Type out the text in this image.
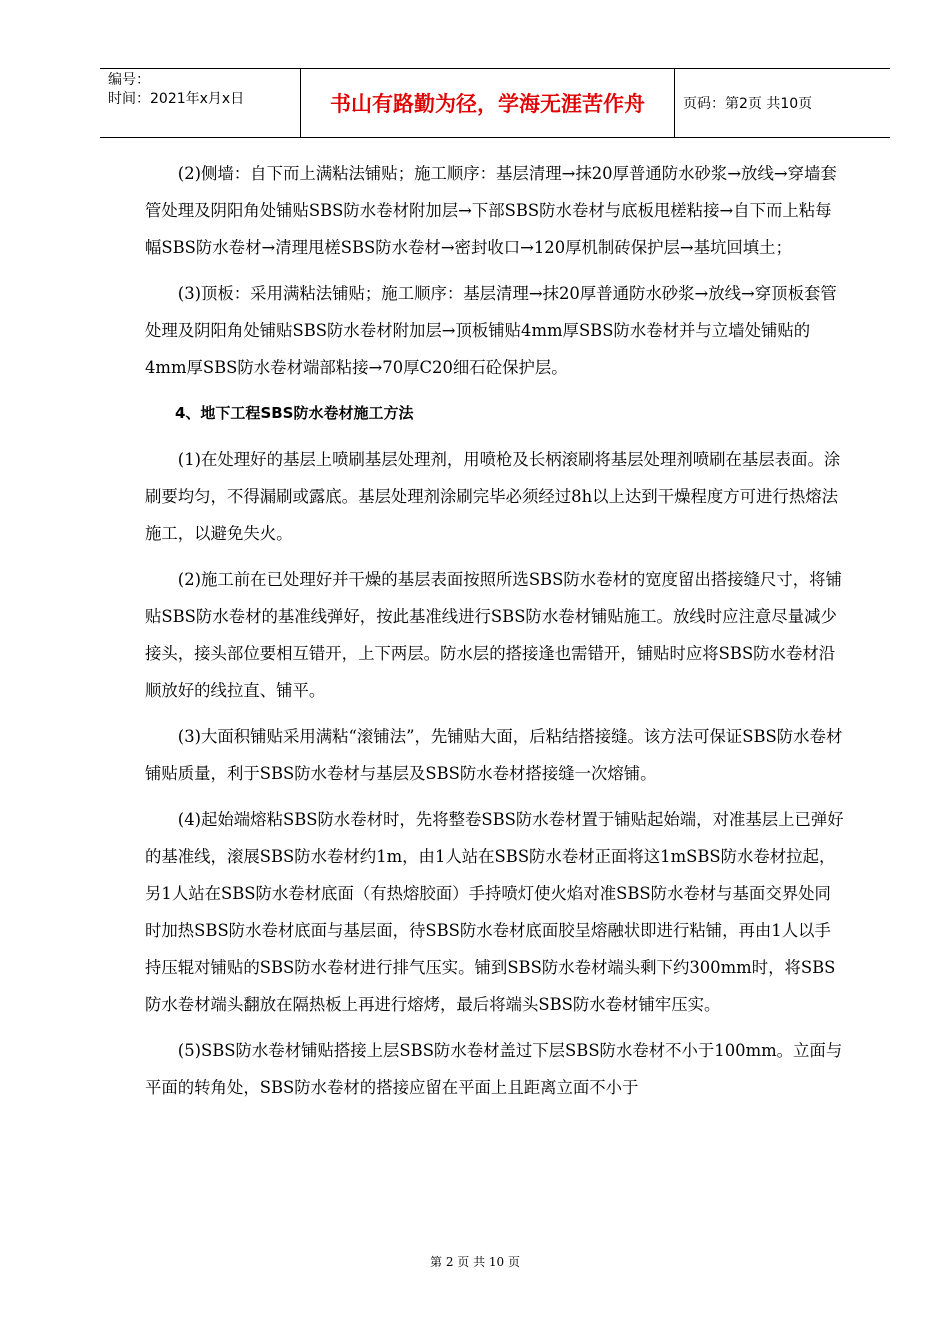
编号：
时间：2021年x月x日	书山有路勤为径，学海无涯苦作舟	页码：第2页 共10页

(2)侧墙：自下而上满粘法铺贴；施工顺序：基层清理→抹20厚普通防水砂浆→放线→穿墙套管处理及阴阳角处铺贴SBS防水卷材附加层→下部SBS防水卷材与底板甩槎粘接→自下而上粘每幅SBS防水卷材→清理甩槎SBS防水卷材→密封收口→120厚机制砖保护层→基坑回填土；

(3)顶板：采用满粘法铺贴；施工顺序：基层清理→抹20厚普通防水砂浆→放线→穿顶板套管处理及阴阳角处铺贴SBS防水卷材附加层→顶板铺贴4mm厚SBS防水卷材并与立墙处铺贴的4mm厚SBS防水卷材端部粘接→70厚C20细石砼保护层。

4、地下工程SBS防水卷材施工方法

(1)在处理好的基层上喷刷基层处理剂，用喷枪及长柄滚刷将基层处理剂喷刷在基层表面。涂刷要均匀，不得漏刷或露底。基层处理剂涂刷完毕必须经过8h以上达到干燥程度方可进行热熔法施工，以避免失火。

(2)施工前在已处理好并干燥的基层表面按照所选SBS防水卷材的宽度留出搭接缝尺寸，将铺贴SBS防水卷材的基准线弹好，按此基准线进行SBS防水卷材铺贴施工。放线时应注意尽量减少接头，接头部位要相互错开，上下两层。防水层的搭接逢也需错开，铺贴时应将SBS防水卷材沿顺放好的线拉直、铺平。

(3)大面积铺贴采用满粘“滚铺法”，先铺贴大面，后粘结搭接缝。该方法可保证SBS防水卷材铺贴质量，利于SBS防水卷材与基层及SBS防水卷材搭接缝一次熔铺。

(4)起始端熔粘SBS防水卷材时，先将整卷SBS防水卷材置于铺贴起始端，对准基层上已弹好的基准线，滚展SBS防水卷材约1m，由1人站在SBS防水卷材正面将这1mSBS防水卷材拉起，另1人站在SBS防水卷材底面（有热熔胶面）手持喷灯使火焰对准SBS防水卷材与基面交界处同时加热SBS防水卷材底面与基层面，待SBS防水卷材底面胶呈熔融状即进行粘铺，再由1人以手持压辊对铺贴的SBS防水卷材进行排气压实。铺到SBS防水卷材端头剩下约300mm时，将SBS防水卷材端头翻放在隔热板上再进行熔烤，最后将端头SBS防水卷材铺牢压实。

(5)SBS防水卷材铺贴搭接上层SBS防水卷材盖过下层SBS防水卷材不小于100mm。立面与平面的转角处，SBS防水卷材的搭接应留在平面上且距离立面不小于

第 2 页 共 10 页
